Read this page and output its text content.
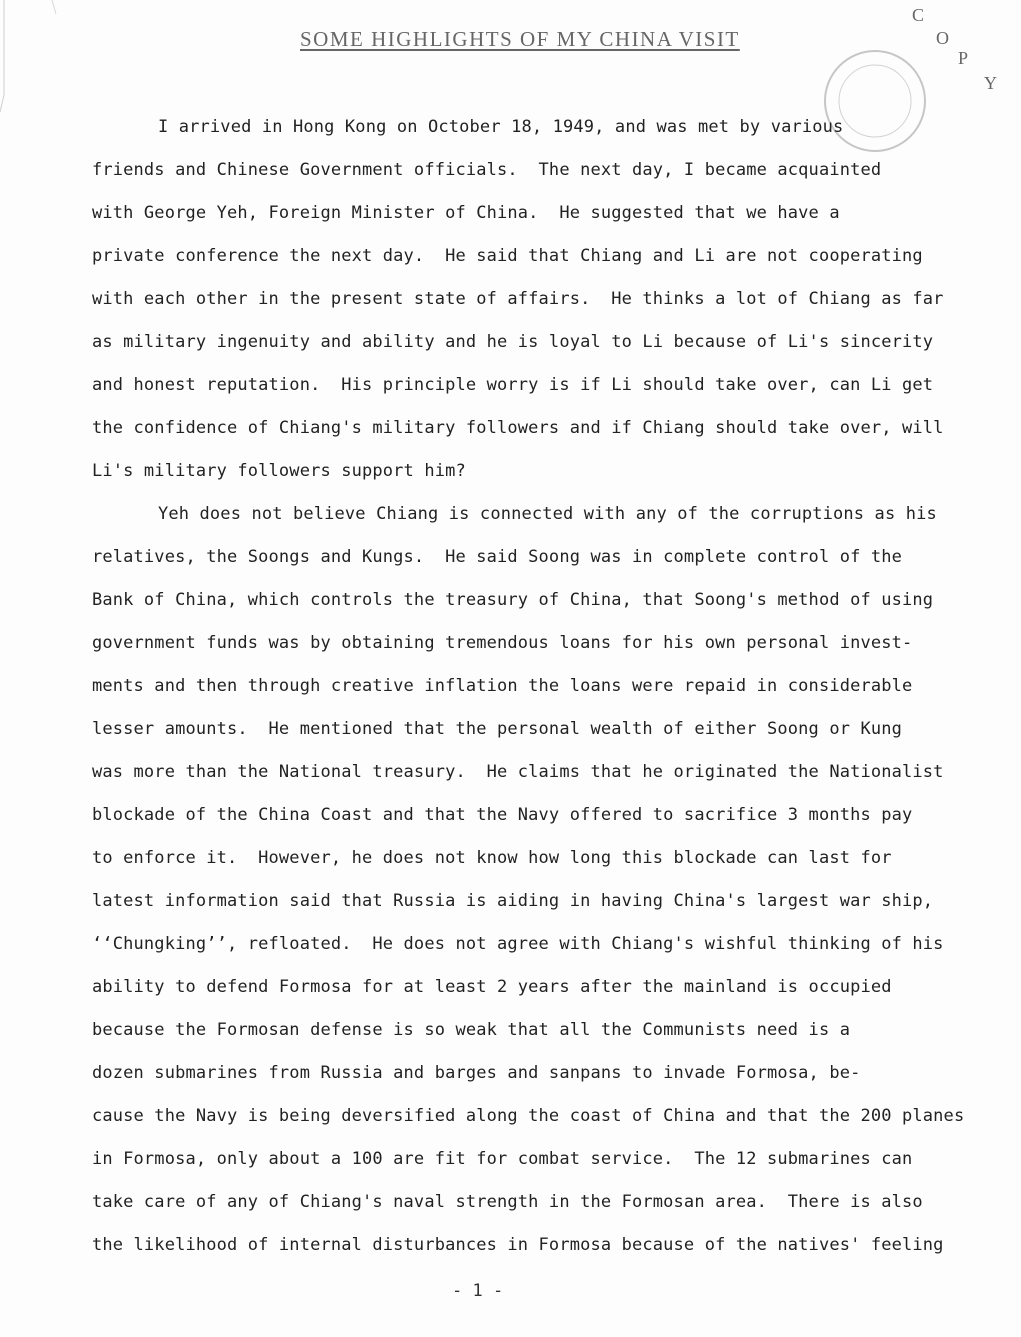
SOME HIGHLIGHTS OF MY CHINA VISIT
C
O
P
Y
I arrived in Hong Kong on October 18, 1949, and was met by various
friends and Chinese Government officials.  The next day, I became acquainted
with George Yeh, Foreign Minister of China.  He suggested that we have a
private conference the next day.  He said that Chiang and Li are not cooperating
with each other in the present state of affairs.  He thinks a lot of Chiang as far
as military ingenuity and ability and he is loyal to Li because of Li's sincerity
and honest reputation.  His principle worry is if Li should take over, can Li get
the confidence of Chiang's military followers and if Chiang should take over, will
Li's military followers support him?
Yeh does not believe Chiang is connected with any of the corruptions as his
relatives, the Soongs and Kungs.  He said Soong was in complete control of the
Bank of China, which controls the treasury of China, that Soong's method of using
government funds was by obtaining tremendous loans for his own personal invest-
ments and then through creative inflation the loans were repaid in considerable
lesser amounts.  He mentioned that the personal wealth of either Soong or Kung
was more than the National treasury.  He claims that he originated the Nationalist
blockade of the China Coast and that the Navy offered to sacrifice 3 months pay
to enforce it.  However, he does not know how long this blockade can last for
latest information said that Russia is aiding in having China's largest war ship,
‘‘Chungking’’, refloated.  He does not agree with Chiang's wishful thinking of his
ability to defend Formosa for at least 2 years after the mainland is occupied
because the Formosan defense is so weak that all the Communists need is a
dozen submarines from Russia and barges and sanpans to invade Formosa, be-
cause the Navy is being deversified along the coast of China and that the 200 planes
in Formosa, only about a 100 are fit for combat service.  The 12 submarines can
take care of any of Chiang's naval strength in the Formosan area.  There is also
the likelihood of internal disturbances in Formosa because of the natives' feeling
- 1 -
